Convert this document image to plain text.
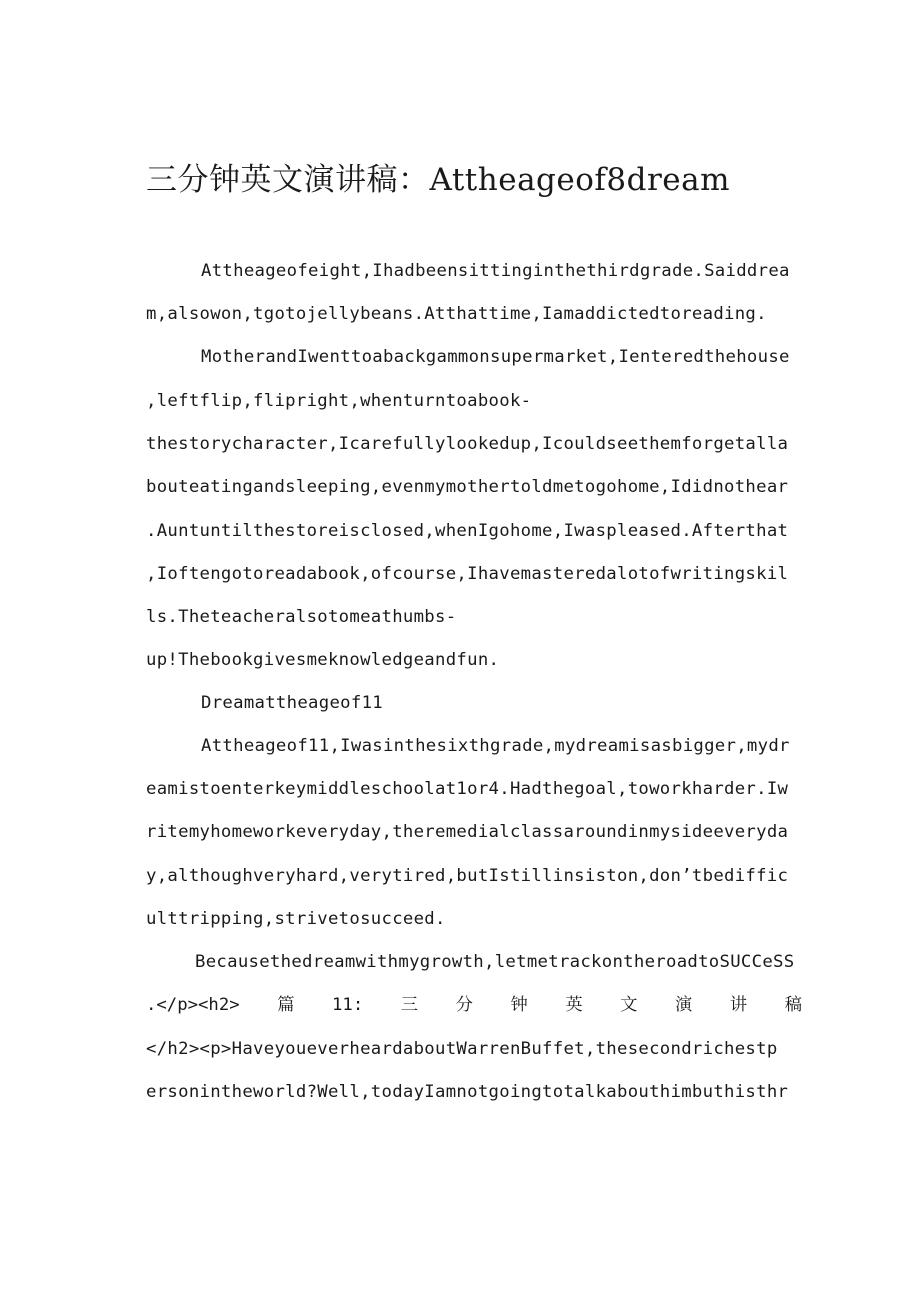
三分钟英文演讲稿：Attheageof8dream
Attheageofeight,Ihadbeensittinginthethirdgrade.Saiddrea
m,alsowon,tgotojellybeans.Atthattime,Iamaddictedtoreading.
MotherandIwenttoabackgammonsupermarket,Ienteredthehouse
,leftflip,flipright,whenturntoabook-
thestorycharacter,Icarefullylookedup,Icouldseethemforgetalla
bouteatingandsleeping,evenmymothertoldmetogohome,Ididnothear
.Auntuntilthestoreisclosed,whenIgohome,Iwaspleased.Afterthat
,Ioftengotoreadabook,ofcourse,Ihavemasteredalotofwritingskil
ls.Theteacheralsotomeathumbs-
up!Thebookgivesmeknowledgeandfun.
Dreamattheageof11
Attheageof11,Iwasinthesixthgrade,mydreamisasbigger,mydr
eamistoenterkeymiddleschoolat1or4.Hadthegoal,toworkharder.Iw
ritemyhomeworkeveryday,theremedialclassaroundinmysideeveryda
y,althoughveryhard,verytired,butIstillinsiston,don’tbediffic
ulttripping,strivetosucceed.
Becausethedreamwithmygrowth,letmetrackontheroadtoSUCCeSS
.</p><h2> 篇 11: 三 分 钟 英 文 演 讲 稿
</h2><p>Haveyoueverheardabout​WarrenBuffet,thesecondrichestp
ersonintheworld?Well,todayIamnotgoingtotalkabouthimbuthisthr
